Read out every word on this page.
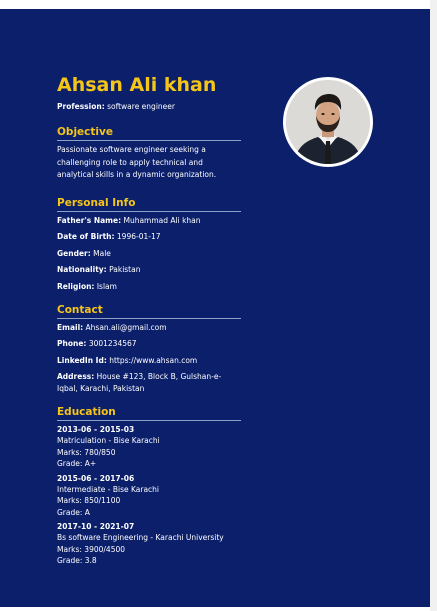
Ahsan Ali khan

Profession: software engineer

Objective

Passionate software engineer seeking a challenging role to apply technical and analytical skills in a dynamic organization.

Personal Info

Father's Name: Muhammad Ali khan

Date of Birth: 1996-01-17

Gender: Male

Nationality: Pakistan

Religion: Islam

Contact

Email: Ahsan.ali@gmail.com

Phone: 3001234567

LinkedIn Id: https://www.ahsan.com

Address: House #123, Block B, Gulshan-e-Iqbal, Karachi, Pakistan

Education

2013-06 - 2015-03

Matriculation - Bise Karachi

Marks: 780/850

Grade: A+

2015-06 - 2017-06

Intermediate - Bise Karachi

Marks: 850/1100

Grade: A

2017-10 - 2021-07

Bs software Engineering - Karachi University

Marks: 3900/4500

Grade: 3.8
